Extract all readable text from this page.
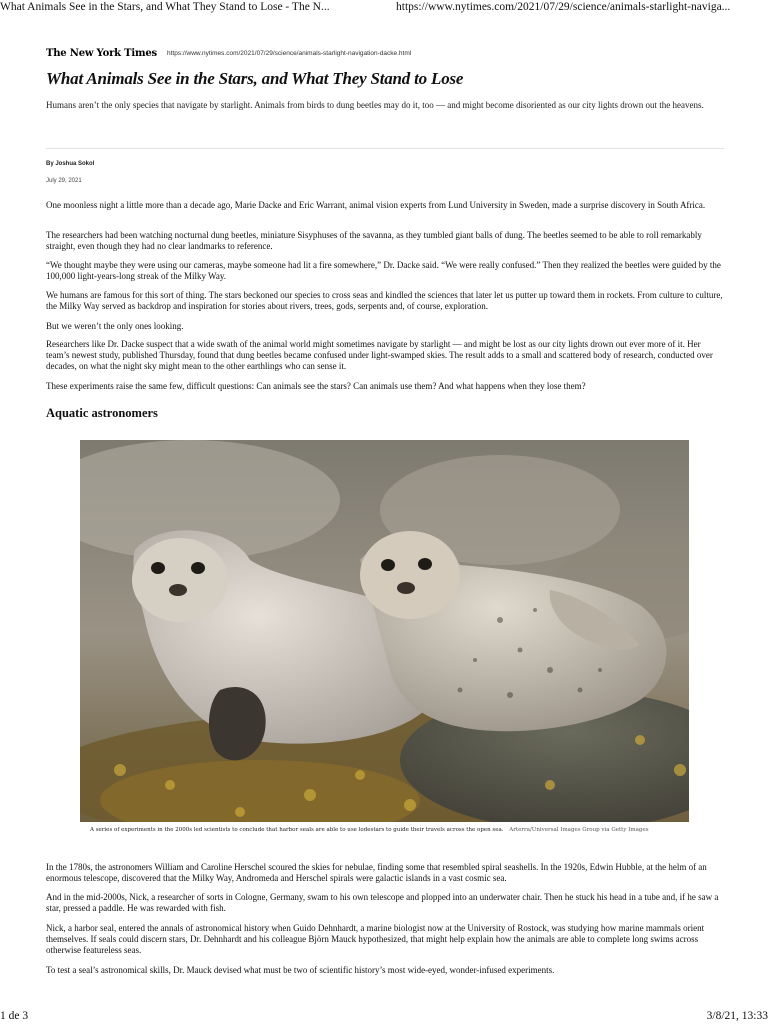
What Animals See in the Stars, and What They Stand to Lose - The N...	https://www.nytimes.com/2021/07/29/science/animals-starlight-naviga...
The New York Times https://www.nytimes.com/2021/07/29/science/animals-starlight-navigation-dacke.html
What Animals See in the Stars, and What They Stand to Lose

Humans aren’t the only species that navigate by starlight. Animals from birds to dung beetles may do it, too — and might become disoriented as our city lights drown out the heavens.

By Joshua Sokol
July 29, 2021

One moonless night a little more than a decade ago, Marie Dacke and Eric Warrant, animal vision experts from Lund University in Sweden, made a surprise discovery in South Africa.

The researchers had been watching nocturnal dung beetles, miniature Sisyphuses of the savanna, as they tumbled giant balls of dung. The beetles seemed to be able to roll remarkably straight, even though they had no clear landmarks to reference.

“We thought maybe they were using our cameras, maybe someone had lit a fire somewhere,” Dr. Dacke said. “We were really confused.” Then they realized the beetles were guided by the 100,000 light-years-long streak of the Milky Way.

We humans are famous for this sort of thing. The stars beckoned our species to cross seas and kindled the sciences that later let us putter up toward them in rockets. From culture to culture, the Milky Way served as backdrop and inspiration for stories about rivers, trees, gods, serpents and, of course, exploration.

But we weren’t the only ones looking.

Researchers like Dr. Dacke suspect that a wide swath of the animal world might sometimes navigate by starlight — and might be lost as our city lights drown out ever more of it. Her team’s newest study, published Thursday, found that dung beetles became confused under light-swamped skies. The result adds to a small and scattered body of research, conducted over decades, on what the night sky might mean to the other earthlings who can sense it.

These experiments raise the same few, difficult questions: Can animals see the stars? Can animals use them? And what happens when they lose them?

Aquatic astronomers
A series of experiments in the 2000s led scientists to conclude that harbor seals are able to use lodestars to guide their travels across the open sea. Arterra/Universal Images Group via Getty Images

In the 1780s, the astronomers William and Caroline Herschel scoured the skies for nebulae, finding some that resembled spiral seashells. In the 1920s, Edwin Hubble, at the helm of an enormous telescope, discovered that the Milky Way, Andromeda and Herschel spirals were galactic islands in a vast cosmic sea.

And in the mid-2000s, Nick, a researcher of sorts in Cologne, Germany, swam to his own telescope and plopped into an underwater chair. Then he stuck his head in a tube and, if he saw a star, pressed a paddle. He was rewarded with fish.

Nick, a harbor seal, entered the annals of astronomical history when Guido Dehnhardt, a marine biologist now at the University of Rostock, was studying how marine mammals orient themselves. If seals could discern stars, Dr. Dehnhardt and his colleague Björn Mauck hypothesized, that might help explain how the animals are able to complete long swims across otherwise featureless seas.

To test a seal’s astronomical skills, Dr. Mauck devised what must be two of scientific history’s most wide-eyed, wonder-infused experiments.

1 de 3	3/8/21, 13:33
